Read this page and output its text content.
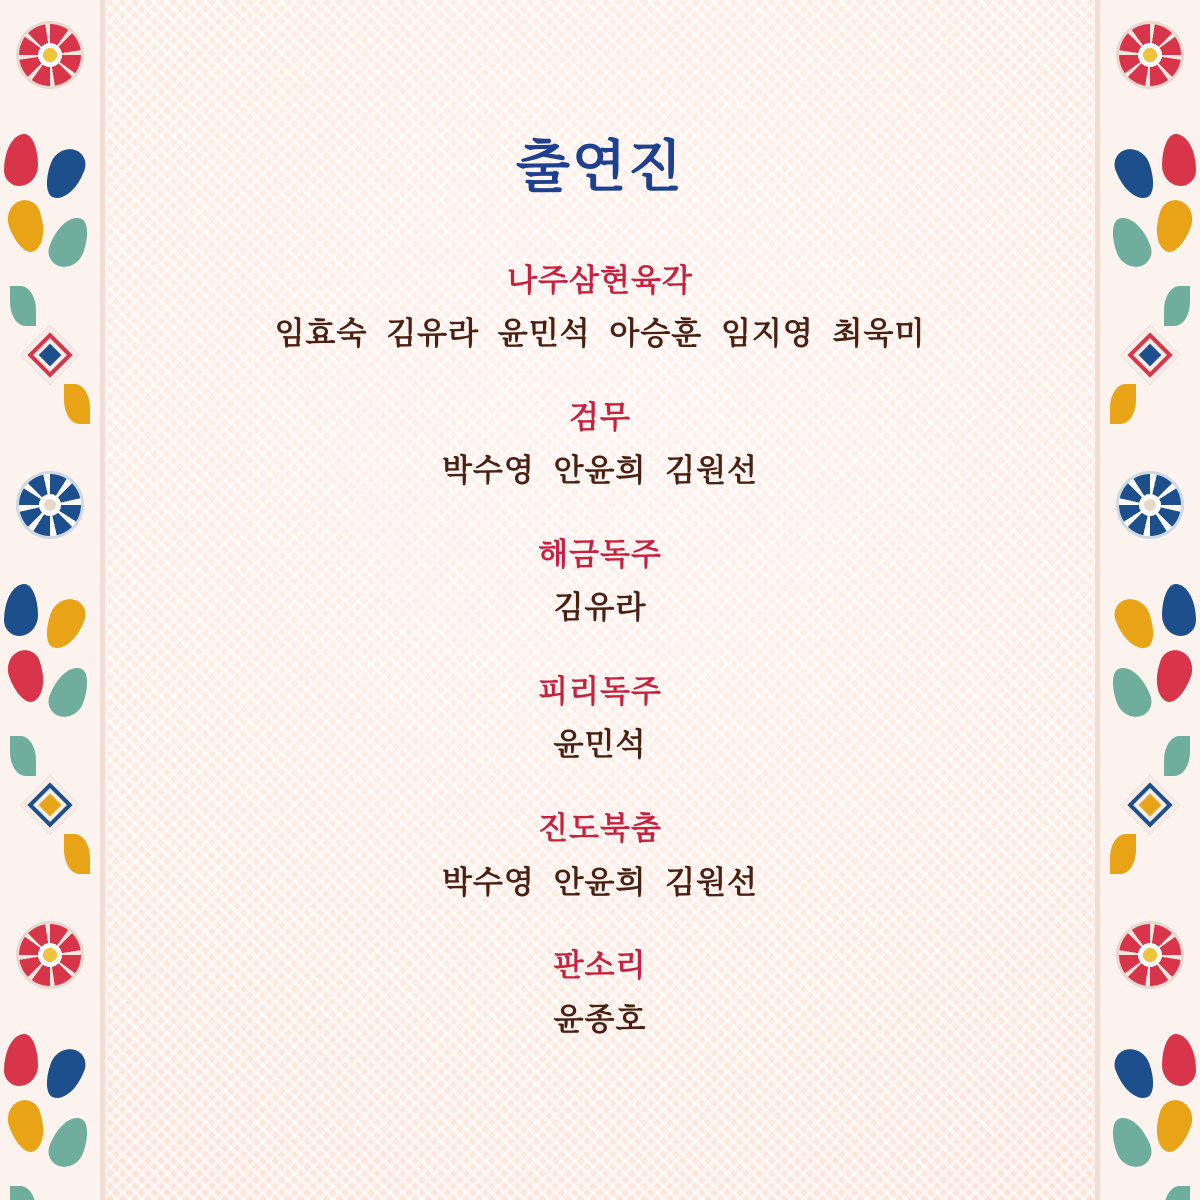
출연진
나주삼현육각
임효숙 김유라 윤민석 아승훈 임지영 최욱미
검무
박수영 안윤희 김원선
해금독주
김유라
피리독주
윤민석
진도북춤
박수영 안윤희 김원선
판소리
윤종호
